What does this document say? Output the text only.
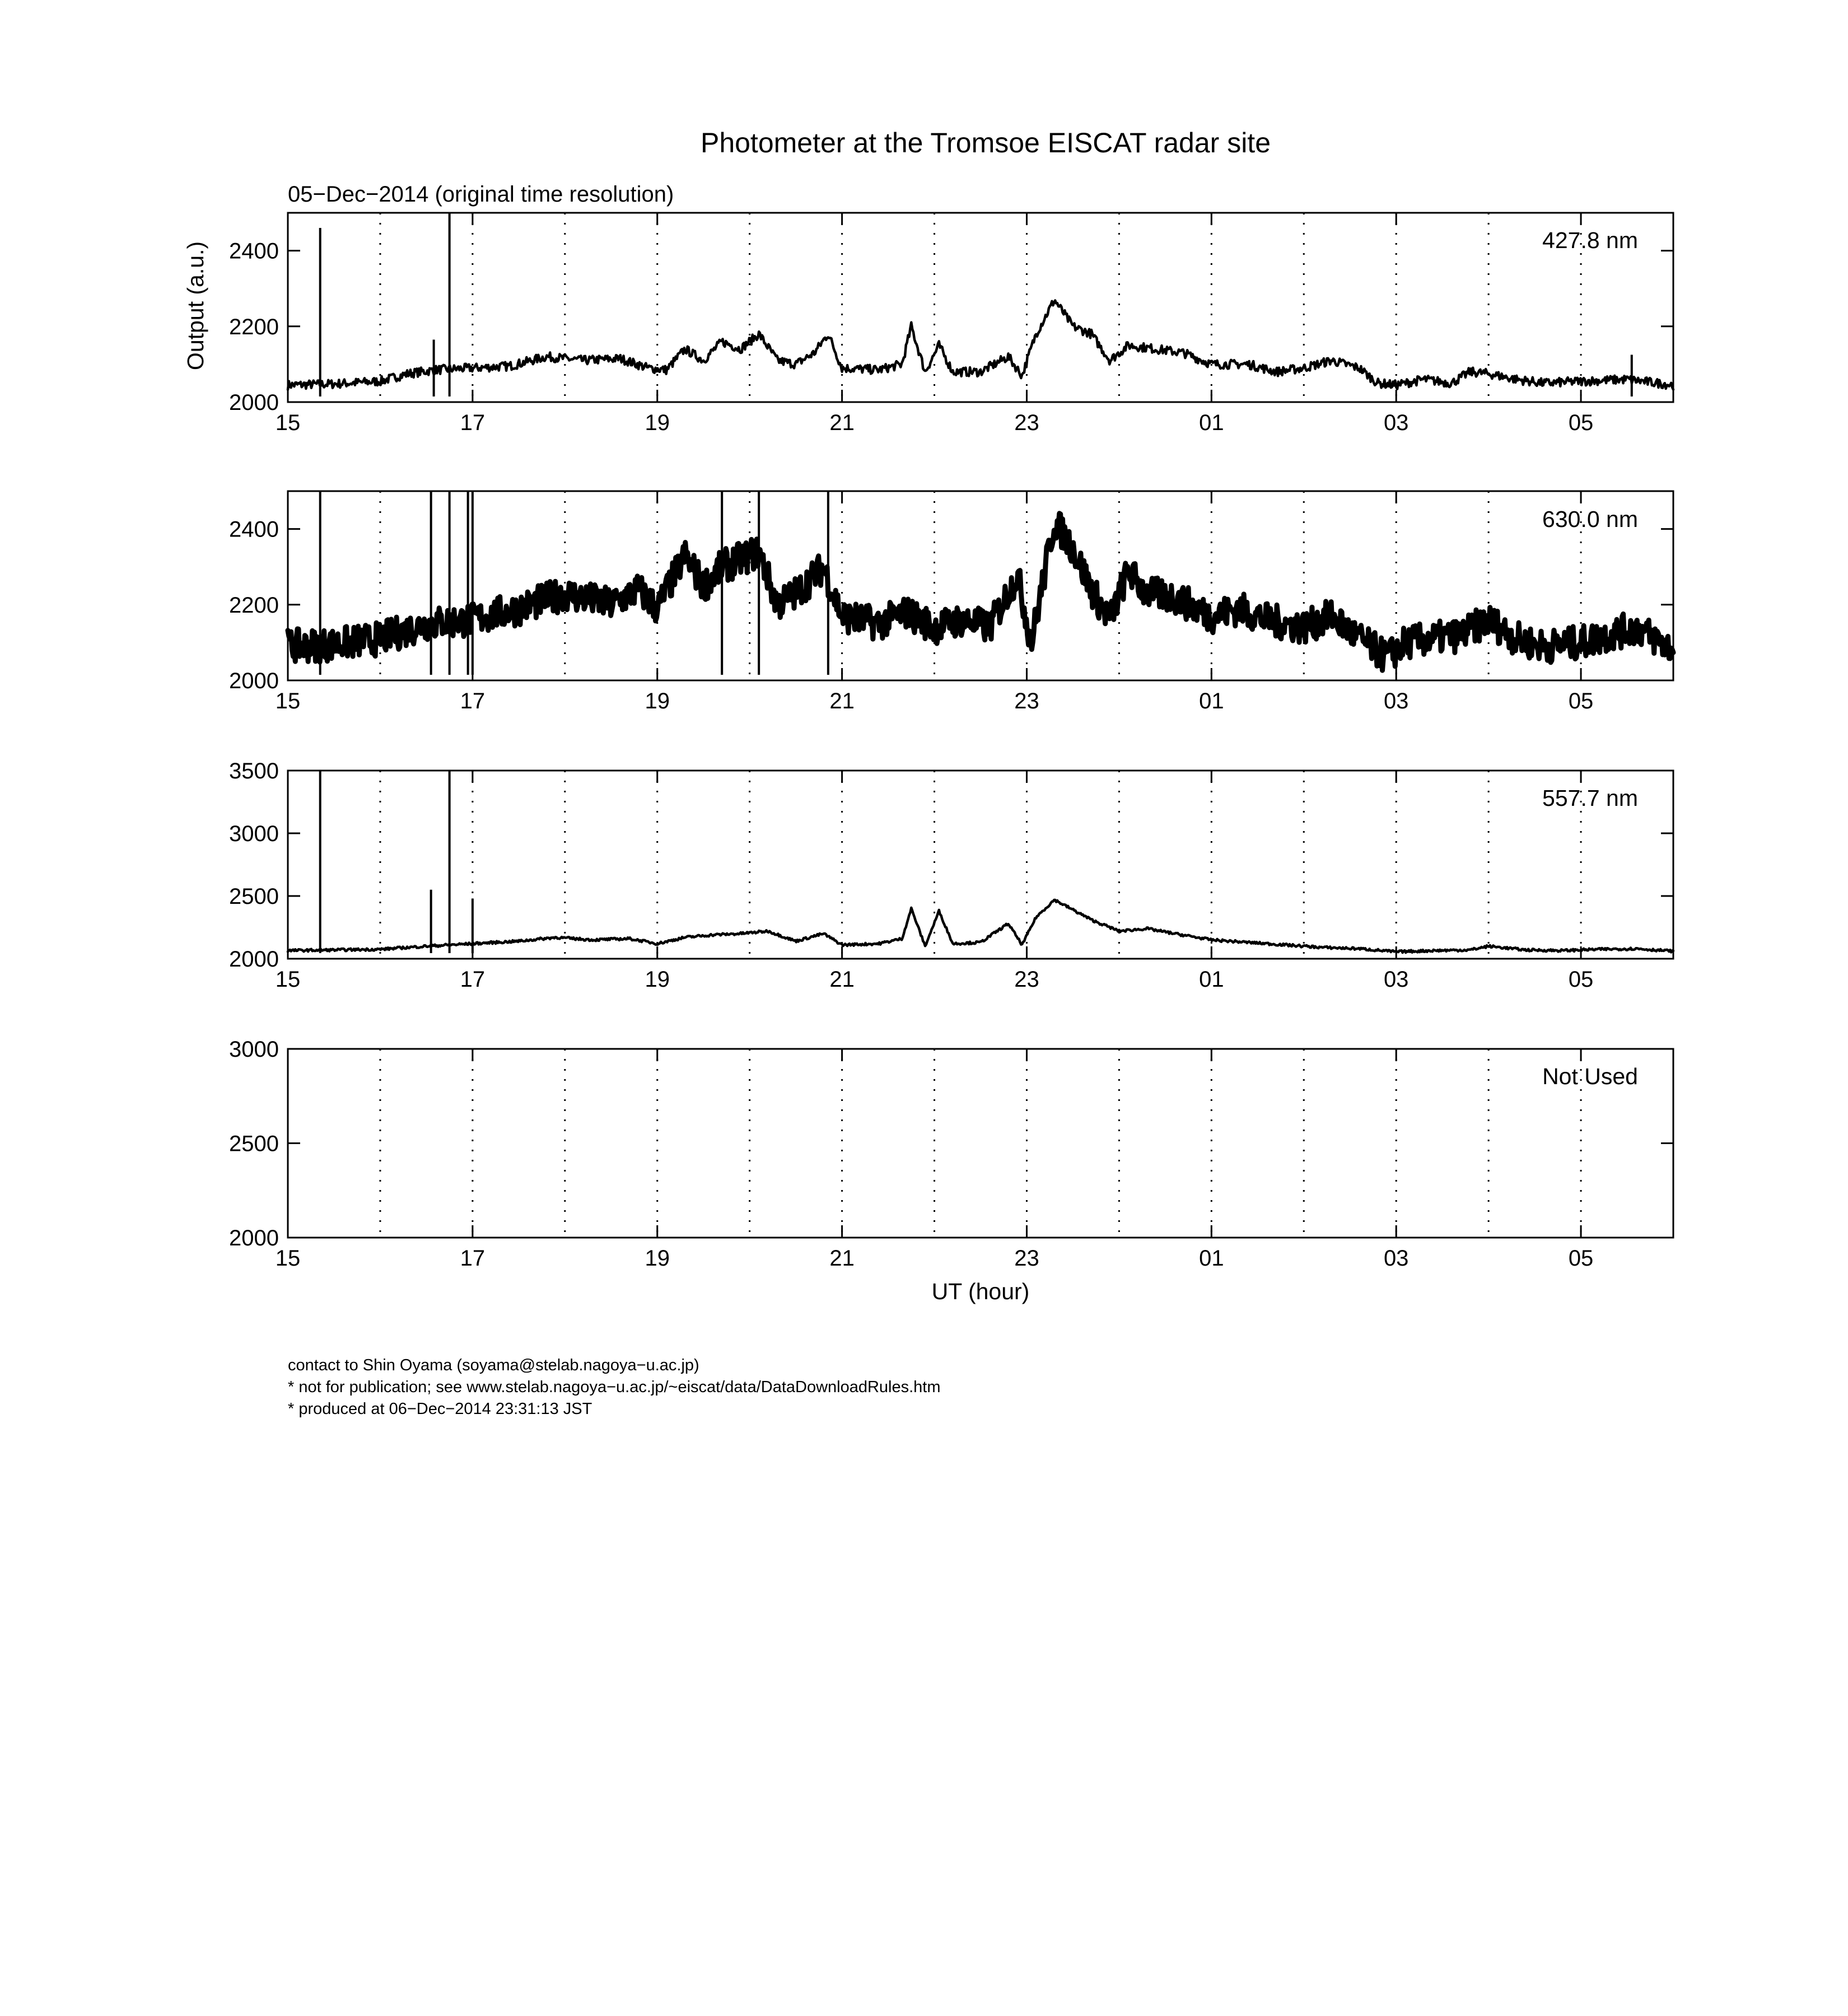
Photometer at the Tromsoe EISCAT radar site
05−Dec−2014 (original time resolution)
15	17	19	21	23	01	03	05
2000
2200
2400	427.8 nm
Output (a.u.)
15	17	19	21	23	01	03	05
2000
2200
2400	630.0 nm
15	17	19	21	23	01	03	05
2000
2500
3000
3500
557.7 nm
15	17	19	21	23	01	03	05
2000
2500
3000
Not Used
UT (hour)
contact to Shin Oyama (soyama@stelab.nagoya−u.ac.jp)
* not for publication; see www.stelab.nagoya−u.ac.jp/~eiscat/data/DataDownloadRules.htm
* produced at 06−Dec−2014 23:31:13 JST
